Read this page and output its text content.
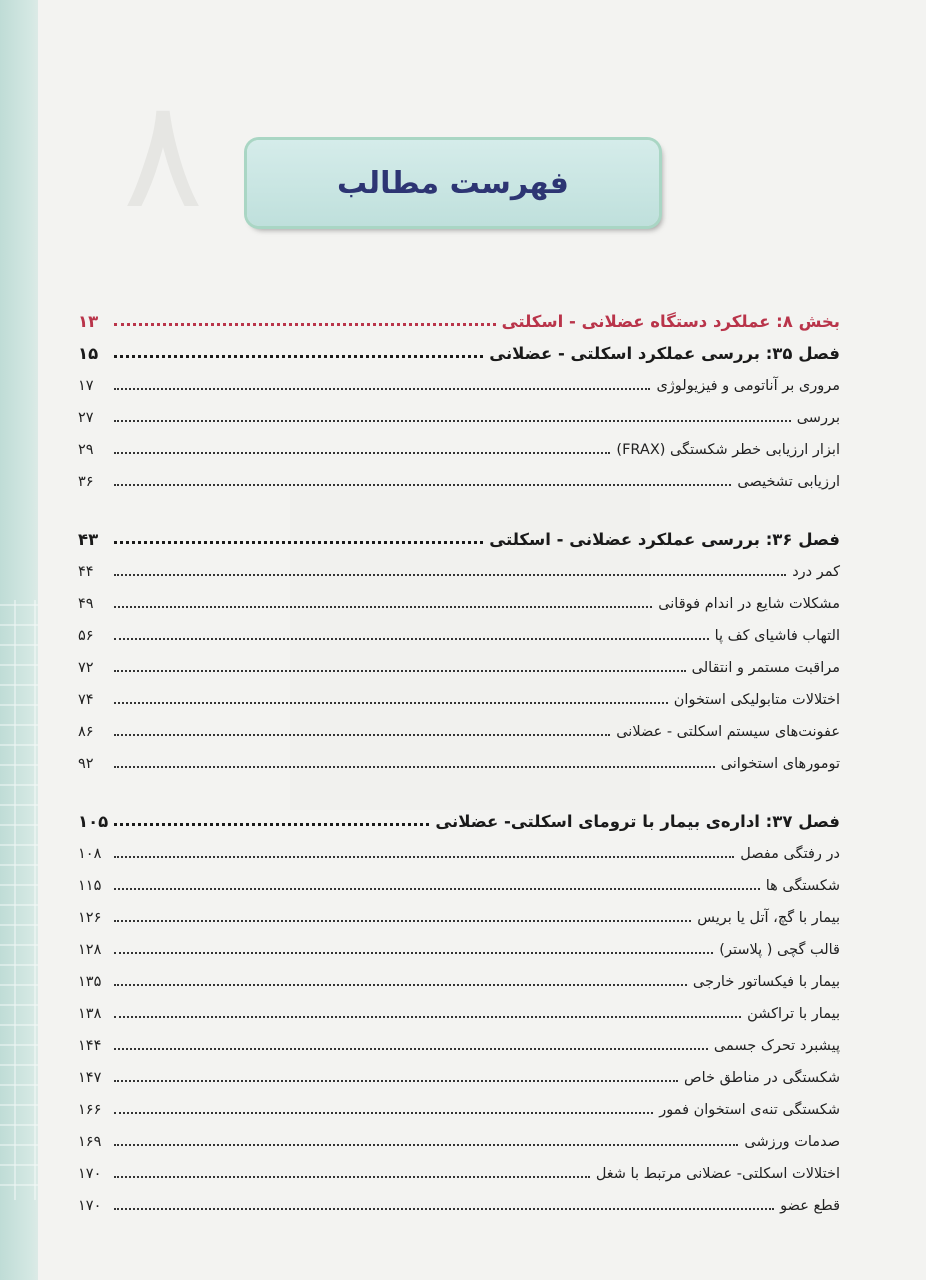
۸	فهرست مطالب
بخش ۸: عملکرد دستگاه عضلانی - اسکلتی
۱۳
فصل ۳۵: بررسی عملکرد اسکلتی - عضلانی
۱۵
مروری بر آناتومی و فیزیولوژی
۱۷
بررسی
۲۷
ابزار ارزیابی خطر شکستگی (FRAX)
۲۹
ارزیابی تشخیصی
۳۶
فصل ۳۶: بررسی عملکرد عضلانی - اسکلتی
۴۳
کمر درد
۴۴
مشکلات شایع در اندام فوقانی
۴۹
التهاب فاشیای کف پا
۵۶
مراقبت مستمر و انتقالی
۷۲
اختلالات متابولیکی استخوان
۷۴
عفونت‌های سیستم اسکلتی - عضلانی
۸۶
تومورهای استخوانی
۹۲
فصل ۳۷: اداره‌ی بیمار با ترومای اسکلتی- عضلانی
۱۰۵
در رفتگی مفصل
۱۰۸
شکستگی ها
۱۱۵
بیمار با گچ، آتل یا بریس
۱۲۶
قالب گچی ( پلاستر)
۱۲۸
بیمار با فیکساتور خارجی
۱۳۵
بیمار با تراکشن
۱۳۸
پیشبرد تحرک جسمی
۱۴۴
شکستگی در مناطق خاص
۱۴۷
شکستگی تنه‌ی استخوان فمور
۱۶۶
صدمات ورزشی
۱۶۹
اختلالات اسکلتی- عضلانی مرتبط با شغل
۱۷۰
قطع عضو
۱۷۰
